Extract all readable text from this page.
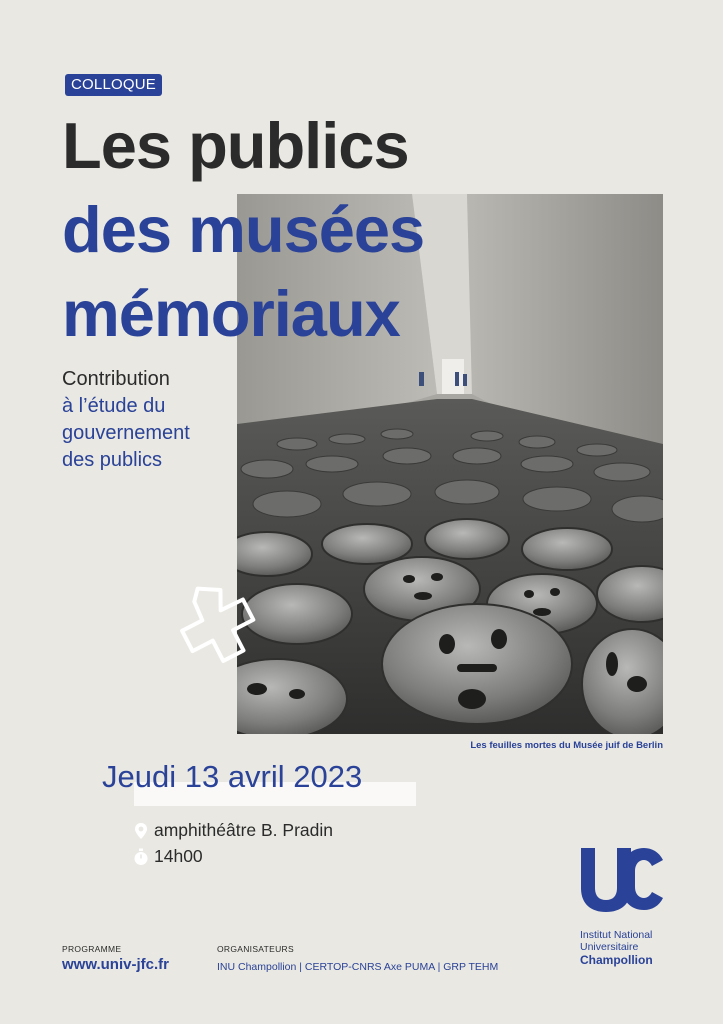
COLLOQUE
Les publics
des musées
mémoriaux
Contribution
à l’étude du
gouvernement
des publics
Les feuilles mortes du Musée juif de Berlin
Jeudi 13 avril 2023
amphithéâtre B. Pradin
14h00
PROGRAMME
www.univ-jfc.fr
ORGANISATEURS
INU Champollion | CERTOP-CNRS Axe PUMA | GRP TEHM
Institut National
Universitaire
Champollion
